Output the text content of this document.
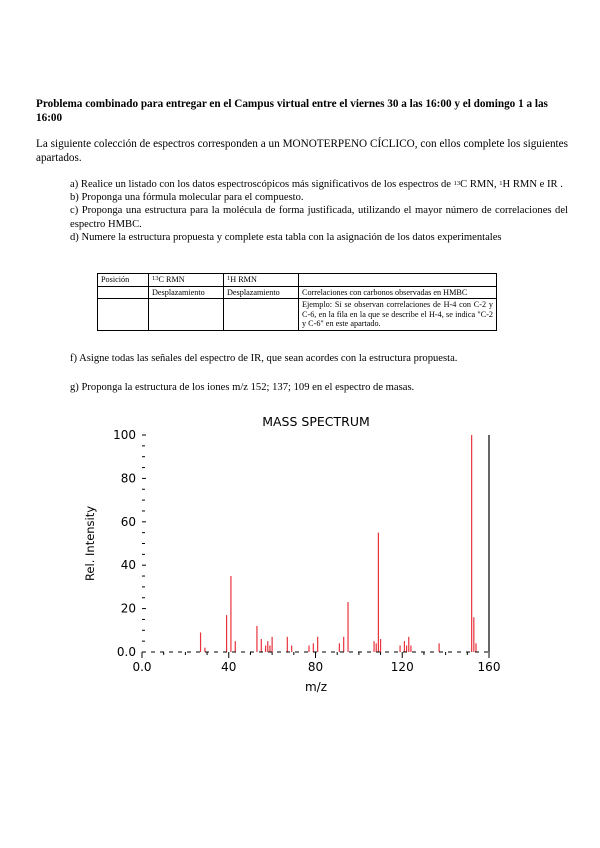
Problema combinado para entregar en el Campus virtual entre el viernes 30 a las 16:00 y el domingo 1 a las 16:00
La siguiente colección de espectros corresponden a un MONOTERPENO CÍCLICO, con ellos complete los siguientes apartados.
a) Realice un listado con los datos espectroscópicos más significativos de los espectros de $^{13}$C RMN, $^1$H RMN e IR .
b) Proponga una fórmula molecular para el compuesto.
c) Proponga una estructura para la molécula de forma justificada, utilizando el mayor número de correlaciones del espectro HMBC.
d) Numere la estructura propuesta y complete esta tabla con la asignación de los datos experimentales
Posición	$^{13}$C RMN	$^1$H RMN	
	Desplazamiento	Desplazamiento	Correlaciones con carbonos observadas en HMBC
			Ejemplo: Si se observan correlaciones de H-4 con C-2 y C-6, en la fila en la que se describe el H-4, se indica "C-2 y C-6" en este apartado.
f) Asigne todas las señales del espectro de IR, que sean acordes con la estructura propuesta.
g) Proponga la estructura de los iones m/z 152; 137; 109 en el espectro de masas.
MASS SPECTRUM
Rel. Intensity
m/z
0.0
20
40
60
80
100
0.0	40	80	120	160
